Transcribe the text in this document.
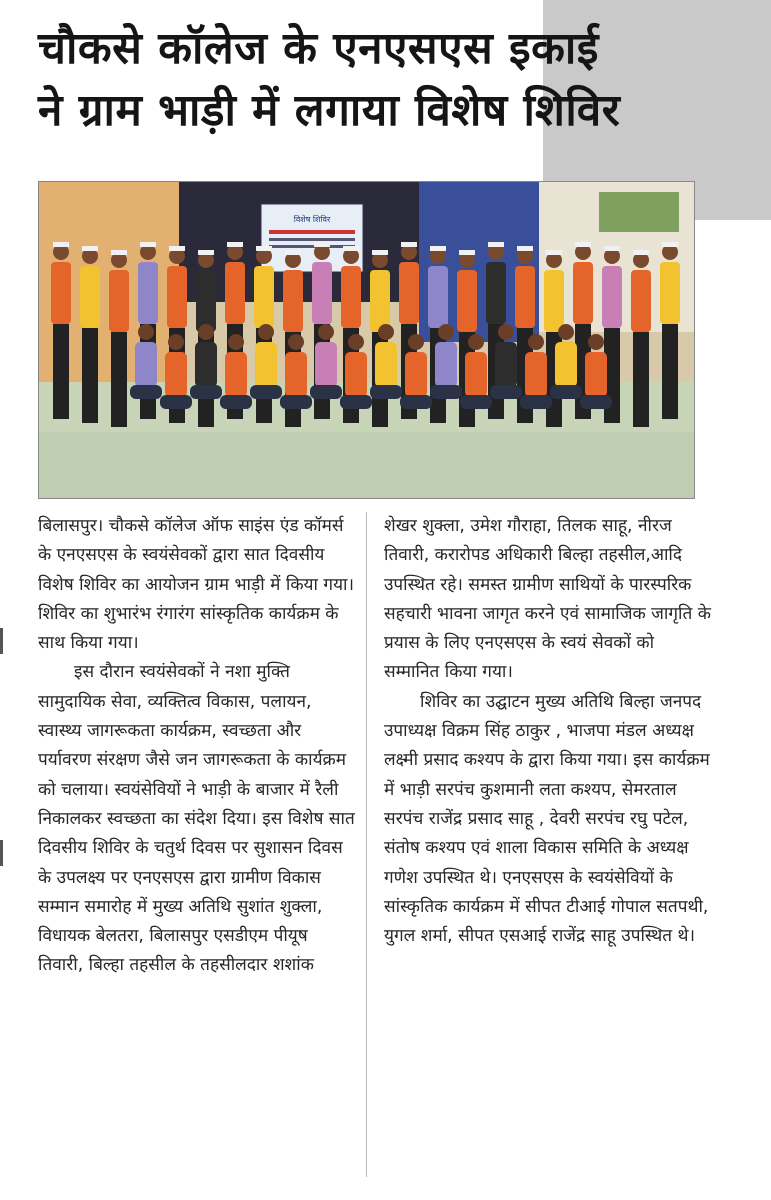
चौकसे कॉलेज के एनएसएस इकाई
ने ग्राम भाड़ी में लगाया विशेष शिविर
विशेष शिविर

बिलासपुर। चौकसे कॉलेज ऑफ साइंस एंड कॉमर्स के एनएसएस के स्वयंसेवकों द्वारा सात दिवसीय विशेष शिविर का आयोजन ग्राम भाड़ी में किया गया। शिविर का शुभारंभ रंगारंग सांस्कृतिक कार्यक्रम के साथ किया गया।

इस दौरान स्वयंसेवकों ने नशा मुक्ति सामुदायिक सेवा, व्यक्तित्व विकास, पलायन, स्वास्थ्य जागरूकता कार्यक्रम, स्वच्छता और पर्यावरण संरक्षण जैसे जन जागरूकता के कार्यक्रम को चलाया। स्वयंसेवियों ने भाड़ी के बाजार में रैली निकालकर स्वच्छता का संदेश दिया। इस विशेष सात दिवसीय शिविर के चतुर्थ दिवस पर सुशासन दिवस के उपलक्ष्य पर एनएसएस द्वारा ग्रामीण विकास सम्मान समारोह में मुख्य अतिथि सुशांत शुक्ला, विधायक बेलतरा, बिलासपुर एसडीएम पीयूष तिवारी, बिल्हा तहसील के तहसीलदार शशांक

शेखर शुक्ला, उमेश गौराहा, तिलक साहू, नीरज तिवारी, करारोपड अधिकारी बिल्हा तहसील,आदि उपस्थित रहे। समस्त ग्रामीण साथियों के पारस्परिक सहचारी भावना जागृत करने एवं सामाजिक जागृति के प्रयास के लिए एनएसएस के स्वयं सेवकों को सम्मानित किया गया।

शिविर का उद्घाटन मुख्य अतिथि बिल्हा जनपद उपाध्यक्ष विक्रम सिंह ठाकुर , भाजपा मंडल अध्यक्ष लक्ष्मी प्रसाद कश्यप के द्वारा किया गया। इस कार्यक्रम में भाड़ी सरपंच कुशमानी लता कश्यप, सेमरताल सरपंच राजेंद्र प्रसाद साहू , देवरी सरपंच रघु पटेल, संतोष कश्यप एवं शाला विकास समिति के अध्यक्ष गणेश उपस्थित थे। एनएसएस के स्वयंसेवियों के सांस्कृतिक कार्यक्रम में सीपत टीआई गोपाल सतपथी, युगल शर्मा, सीपत एसआई राजेंद्र साहू उपस्थित थे।
